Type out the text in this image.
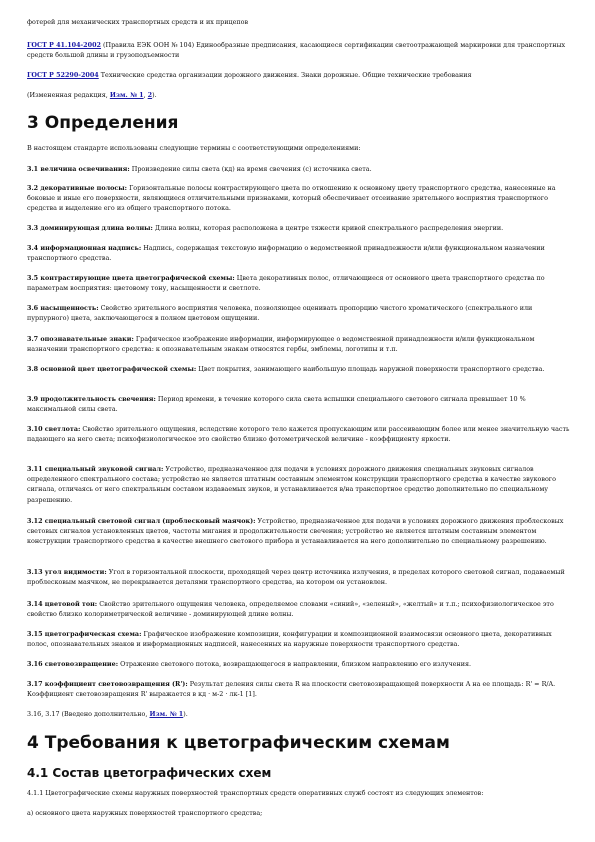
фотерей для механических транспортных средств и их прицепов

ГОСТ Р 41.104-2002 (Правила ЕЭК ООН № 104) Единообразные предписания, касающиеся сертификации светоотражающей маркировки для транспортных средств большой длины и грузоподъемности

ГОСТ Р 52290-2004 Технические средства организации дорожного движения. Знаки дорожные. Общие технические требования

(Измененная редакция, Изм. № 1, 2).

3 Определения

В настоящем стандарте использованы следующие термины с соответствующими определениями:

3.1 величина освечивания: Произведение силы света (кд) на время свечения (с) источника света.

3.2 декоративные полосы: Горизонтальные полосы контрастирующего цвета по отношению к основному цвету транспортного средства, нанесенные на боковые и иные его поверхности, являющиеся отличительными признаками, который обеспечивает отсеивание зрительного восприятия транспортного средства и выделение его из общего транспортного потока.

3.3 доминирующая длина волны: Длина волны, которая расположена в центре тяжести кривой спектрального распределения энергии.

3.4 информационная надпись: Надпись, содержащая текстовую информацию о ведомственной принадлежности и/или функциональном назначении транспортного средства.

3.5 контрастирующие цвета цветографической схемы: Цвета декоративных полос, отличающиеся от основного цвета транспортного средства по параметрам восприятия: цветовому тону, насыщенности и светлоте.

3.6 насыщенность: Свойство зрительного восприятия человека, позволяющее оценивать пропорцию чистого хроматического (спектрального или пурпурного) цвета, заключающегося в полном цветовом ощущении.

3.7 опознавательные знаки: Графическое изображение информации, информирующее о ведомственной принадлежности и/или функциональном назначении транспортного средства: к опознавательным знакам относятся гербы, эмблемы, логотипы и т.п.

3.8 основной цвет цветографической схемы: Цвет покрытия, занимающего наибольшую площадь наружной поверхности транспортного средства.

3.9 продолжительность свечения: Период времени, в течение которого сила света вспышки специального светового сигнала превышает 10 % максимальной силы света.

3.10 светлота: Свойство зрительного ощущения, вследствие которого тело кажется пропускающим или рассеивающим более или менее значительную часть падающего на него света; психофизиологическое это свойство близко фотометрической величине - коэффициенту яркости.

3.11 специальный звуковой сигнал: Устройство, предназначенное для подачи в условиях дорожного движения специальных звуковых сигналов определенного спектрального состава; устройство не является штатным составным элементом конструкции транспортного средства в качестве звукового сигнала, отличаясь от него спектральным составом издаваемых звуков, и устанавливается в/на транспортное средство дополнительно по специальному разрешению.

3.12 специальный световой сигнал (проблесковый маячок): Устройство, предназначенное для подачи в условиях дорожного движения проблесковых световых сигналов установленных цветов, частоты мигания и продолжительности свечения; устройство не является штатным составным элементом конструкции транспортного средства в качестве внешнего светового прибора и устанавливается на него дополнительно по специальному разрешению.

3.13 угол видимости: Угол в горизонтальной плоскости, проходящей через центр источника излучения, в пределах которого световой сигнал, подаваемый проблесковым маячком, не перекрывается деталями транспортного средства, на котором он установлен.

3.14 цветовой тон: Свойство зрительного ощущения человека, определяемое словами «синий», «зеленый», «желтый» и т.п.; психофизиологическое это свойство близко колориметрической величине - доминирующей длине волны.

3.15 цветографическая схема: Графическое изображение композиции, конфигурации и композиционной взаимосвязи основного цвета, декоративных полос, опознавательных знаков и информационных надписей, нанесенных на наружные поверхности транспортного средства.

3.16 световозвращение: Отражение светового потока, возвращающегося в направлении, близком направлению его излучения.

3.17 коэффициент световозвращения (R'): Результат деления силы света R на плоскости световозвращающей поверхности A на ее площадь: R' = R/A. Коэффициент световозвращения R' выражается в кд · м-2 · лк-1 [1].

3.16, 3.17 (Введено дополнительно, Изм. № 1).

4 Требования к цветографическим схемам
4.1 Состав цветографических схем

4.1.1 Цветографические схемы наружных поверхностей транспортных средств оперативных служб состоят из следующих элементов:

а) основного цвета наружных поверхностей транспортного средства;
